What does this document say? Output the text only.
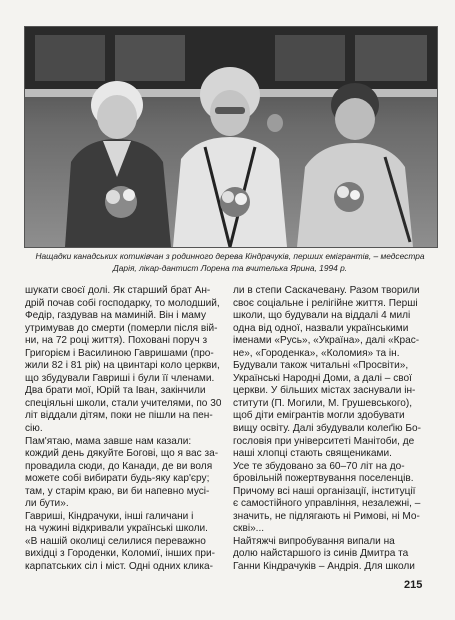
Нащадки канадських котиківчан з родинного дерева Кіндрачуків, перших емігрантів, – медсестра
Дарія, лікар-дантист Лорена та вчителька Ярина, 1994 р.
шукати своєї долі. Як старший брат Ан-
дрій почав собі господарку, то молодший,
Федір, газдував на маминій. Він і маму
утримував до смерти (померли після вій-
ни, на 72 році життя). Поховані поруч з
Григорієм і Василиною Гавришами (про-
жили 82 і 81 рік) на цвинтарі коло церкви,
що збудували Гавриші і були її членами.
Два брати мої, Юрій та Іван, закінчили
спеціяльні школи, стали учителями, по 30
літ віддали дітям, поки не пішли на пен-
сію.
Пам'ятаю, мама завше нам казали:
кождий день дякуйте Богові, що я вас за-
провадила сюди, до Канади, де ви воля
можете собі вибирати будь-яку кар'єру;
там, у старім краю, ви би напевно мусі-
ли бути».
Гавриші, Кіндрачуки, інші галичани і
на чужині відкривали українські школи.
«В нашій околиці селилися переважно
вихідці з Городенки, Коломиї, інших при-
карпатських сіл і міст. Одні одних клика-
ли в степи Саскачевану. Разом творили
своє соціальне і релігійне життя. Перші
школи, що будували на віддалі 4 милі
одна від одної, назвали українськими
іменами «Русь», «Україна», далі «Крас-
не», «Городенка», «Коломия» та ін.
Будували також читальні «Просвіти»,
Українські Народні Доми, а далі – свої
церкви. У більших містах заснували ін-
ститути (П. Могили, М. Грушевського),
щоб діти емігрантів могли здобувати
вищу освіту. Далі збудували колеґію Бо-
гословія при університеті Манітоби, де
наші хлопці стають священиками.
Усе те збудовано за 60–70 літ на до-
бровільній пожертвування поселенців.
Причому всі наші організації, інституції
є самостійного управління, незалежні, –
значить, не підлягають ні Римові, ні Мо-
скві»...
Найтяжчі випробування випали на
долю найстаршого із синів Дмитра та
Ганни Кіндрачуків – Андрія. Для школи
215
